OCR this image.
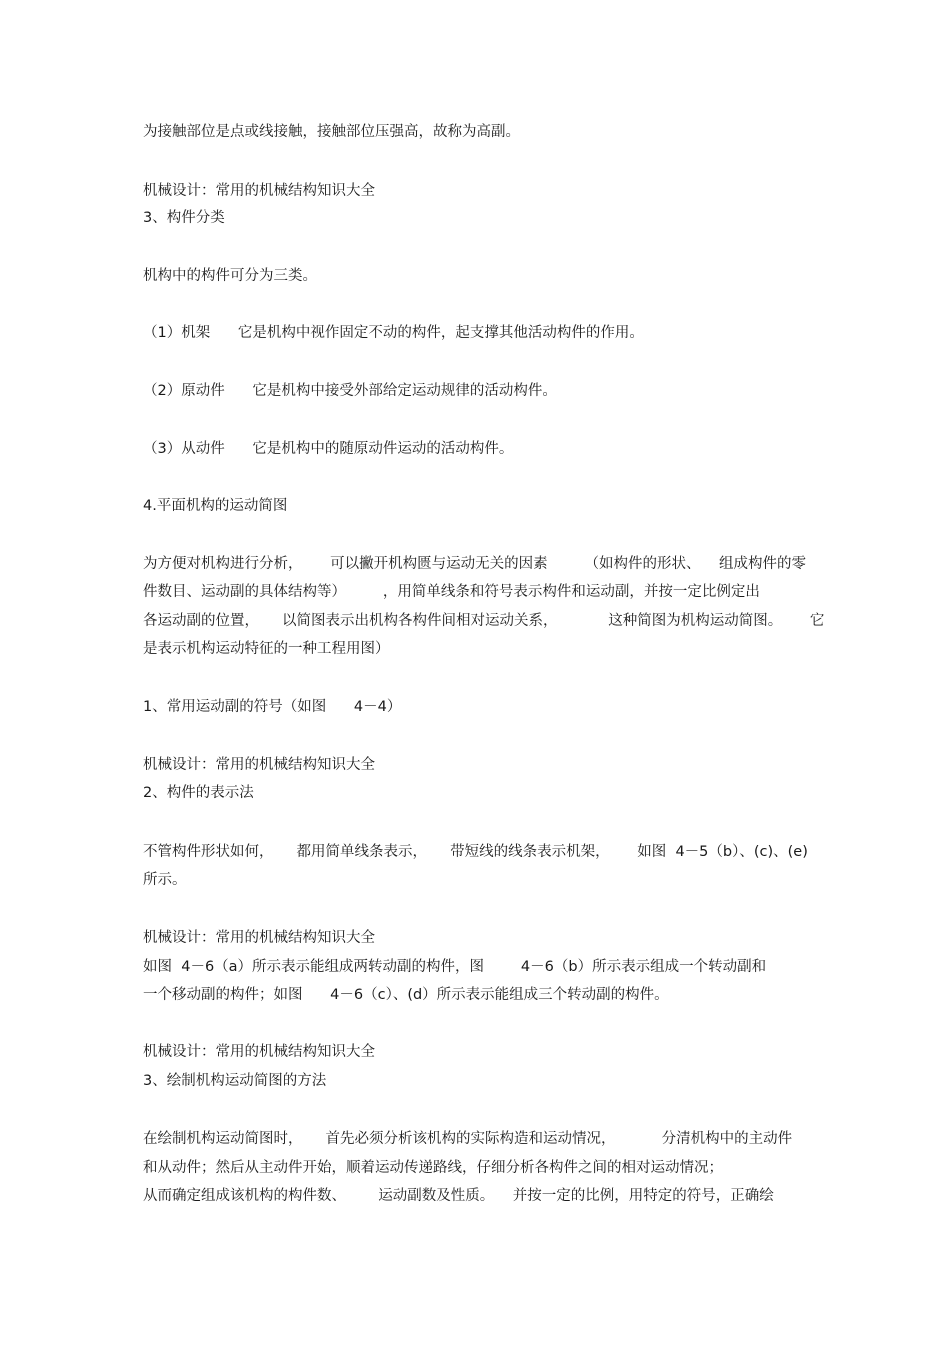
为接触部位是点或线接触，接触部位压强高，故称为高副。

机械设计：常用的机械结构知识大全

3、构件分类

机构中的构件可分为三类。

（1）机架      它是机构中视作固定不动的构件，起支撑其他活动构件的作用。

（2）原动件      它是机构中接受外部给定运动规律的活动构件。

（3）从动件      它是机构中的随原动件运动的活动构件。

4.平面机构的运动简图

为方便对机构进行分析，      可以撇开机构匮与运动无关的因素        （如构件的形状、    组成构件的零

件数目、运动副的具体结构等）        ，用简单线条和符号表示构件和运动副，并按一定比例定出

各运动副的位置，     以简图表示出机构各构件间相对运动关系，           这种简图为机构运动简图。      它

是表示机构运动特征的一种工程用图）

1、常用运动副的符号（如图      4－4）

机械设计：常用的机械结构知识大全

2、构件的表示法

不管构件形状如何，     都用简单线条表示，     带短线的线条表示机架，      如图  4－5（b）、(c)、(e)

所示。

机械设计：常用的机械结构知识大全

如图  4－6（a）所示表示能组成两转动副的构件，图        4－6（b）所示表示组成一个转动副和

一个移动副的构件；如图      4－6（c）、(d）所示表示能组成三个转动副的构件。

机械设计：常用的机械结构知识大全

3、绘制机构运动简图的方法

在绘制机构运动简图时，     首先必须分析该机构的实际构造和运动情况，          分清机构中的主动件

和从动件；然后从主动件开始，顺着运动传递路线，仔细分析各构件之间的相对运动情况；

从而确定组成该机构的构件数、       运动副数及性质。    并按一定的比例，用特定的符号，正确绘
